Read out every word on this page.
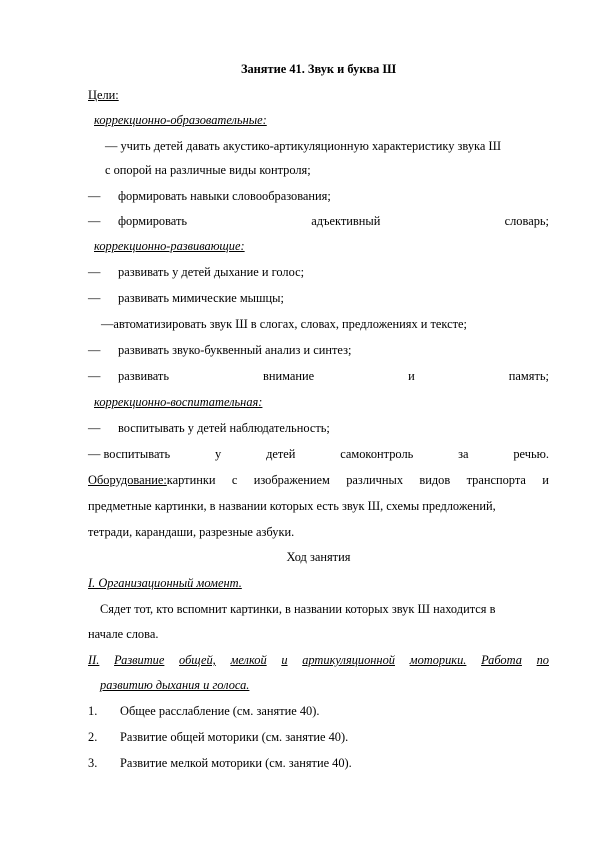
Занятие 41. Звук и буква Ш
Цели:
коррекционно-образовательные:
— учить детей давать акустико-артикуляционную характеристику звука Ш
с опорой на различные виды контроля;
—	формировать навыки словообразования;
—	формировать	адъективный	словарь;
коррекционно-развивающие:
—	развивать у детей дыхание и голос;
—	развивать мимические мышцы;
—автоматизировать звук Ш в слогах, словах, предложениях и тексте;
—	развивать звуко-буквенный анализ и синтез;
—	развивать	внимание	и	память;
коррекционно-воспитательная:
—	воспитывать у детей наблюдательность;
— воспитывать	у	детей	самоконтроль	за	речью.
Оборудование: картинки с изображением различных видов транспорта и
предметные картинки, в названии которых есть звук Ш, схемы предложений,
тетради, карандаши, разрезные азбуки.
Ход занятия
I. Организационный момент.
Сядет тот, кто вспомнит картинки, в названии которых звук Ш находится в
начале слова.
II. Развитие общей, мелкой и артикуляционной моторики. Работа по
развитию дыхания и голоса.
1.	Общее расслабление (см. занятие 40).
2.	Развитие общей моторики (см. занятие 40).
3.	Развитие мелкой моторики (см. занятие 40).
